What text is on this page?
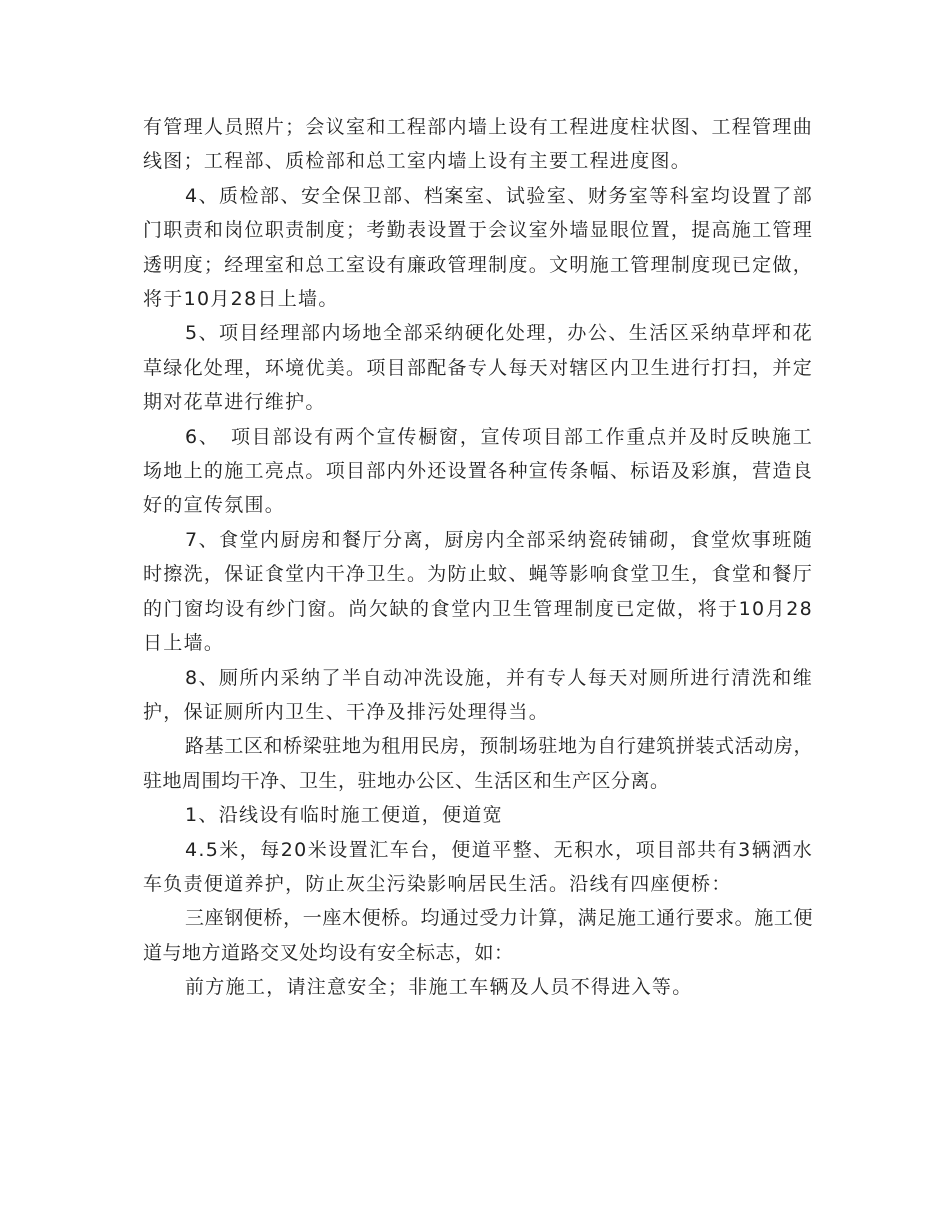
有管理人员照片；会议室和工程部内墙上设有工程进度柱状图、工程管理曲线图；工程部、质检部和总工室内墙上设有主要工程进度图。

4、质检部、安全保卫部、档案室、试验室、财务室等科室均设置了部门职责和岗位职责制度；考勤表设置于会议室外墙显眼位置，提高施工管理透明度；经理室和总工室设有廉政管理制度。文明施工管理制度现已定做，将于10月28日上墙。

5、项目经理部内场地全部采纳硬化处理，办公、生活区采纳草坪和花草绿化处理，环境优美。项目部配备专人每天对辖区内卫生进行打扫，并定期对花草进行维护。

6、　项目部设有两个宣传橱窗，宣传项目部工作重点并及时反映施工场地上的施工亮点。项目部内外还设置各种宣传条幅、标语及彩旗，营造良好的宣传氛围。

7、食堂内厨房和餐厅分离，厨房内全部采纳瓷砖铺砌，食堂炊事班随时擦洗，保证食堂内干净卫生。为防止蚊、蝇等影响食堂卫生，食堂和餐厅的门窗均设有纱门窗。尚欠缺的食堂内卫生管理制度已定做，将于10月28日上墙。

8、厕所内采纳了半自动冲洗设施，并有专人每天对厕所进行清洗和维护，保证厕所内卫生、干净及排污处理得当。

路基工区和桥梁驻地为租用民房，预制场驻地为自行建筑拼装式活动房，驻地周围均干净、卫生，驻地办公区、生活区和生产区分离。

1、沿线设有临时施工便道，便道宽

4.5米，每20米设置汇车台，便道平整、无积水，项目部共有3辆洒水车负责便道养护，防止灰尘污染影响居民生活。沿线有四座便桥：

三座钢便桥，一座木便桥。均通过受力计算，满足施工通行要求。施工便道与地方道路交叉处均设有安全标志，如：

前方施工，请注意安全；非施工车辆及人员不得进入等。
